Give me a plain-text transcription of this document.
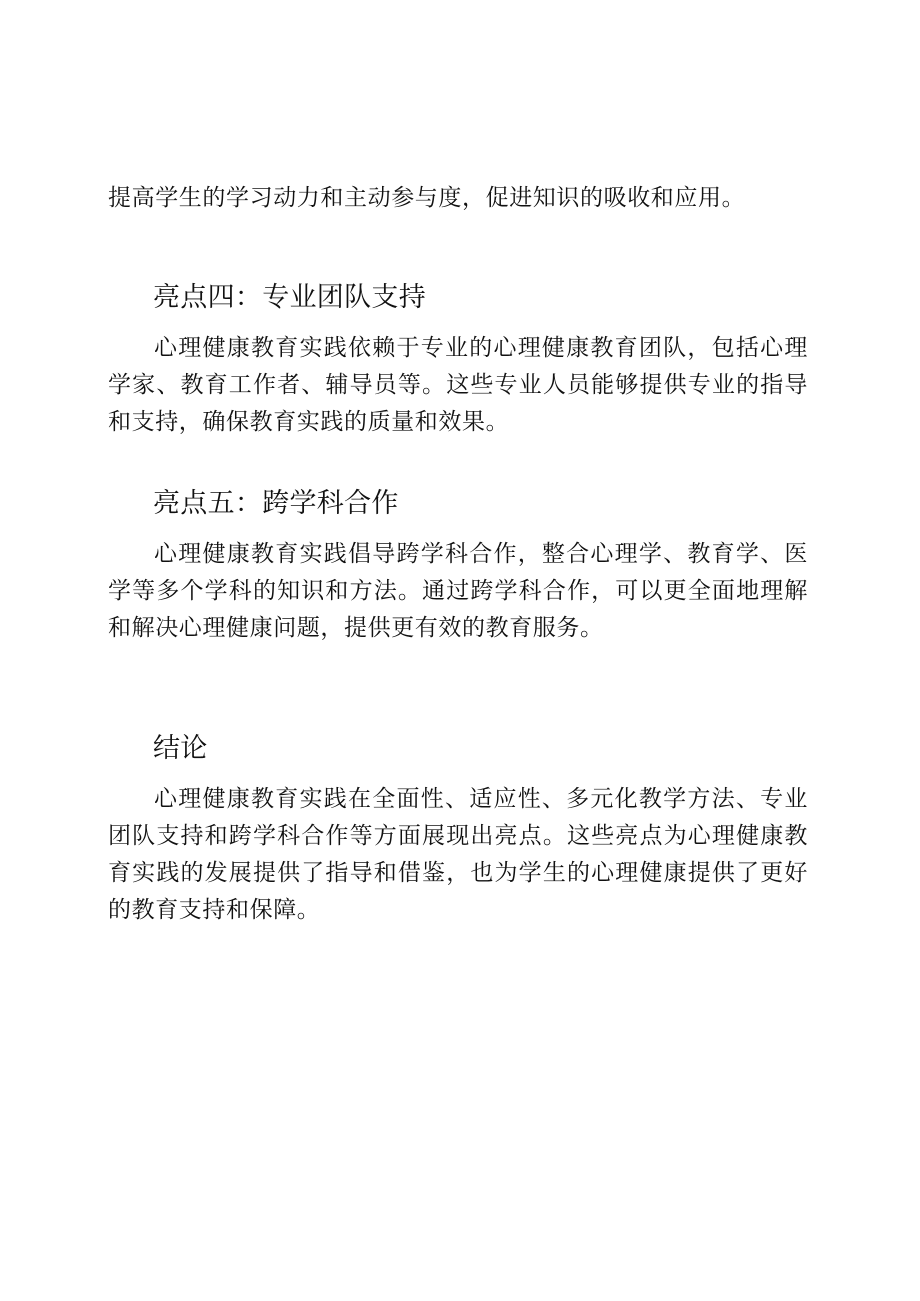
提高学生的学习动力和主动参与度，促进知识的吸收和应用。

亮点四：专业团队支持

心理健康教育实践依赖于专业的心理健康教育团队，包括心理学家、教育工作者、辅导员等。这些专业人员能够提供专业的指导和支持，确保教育实践的质量和效果。

亮点五：跨学科合作

心理健康教育实践倡导跨学科合作，整合心理学、教育学、医学等多个学科的知识和方法。通过跨学科合作，可以更全面地理解和解决心理健康问题，提供更有效的教育服务。

结论

心理健康教育实践在全面性、适应性、多元化教学方法、专业团队支持和跨学科合作等方面展现出亮点。这些亮点为心理健康教育实践的发展提供了指导和借鉴，也为学生的心理健康提供了更好的教育支持和保障。
